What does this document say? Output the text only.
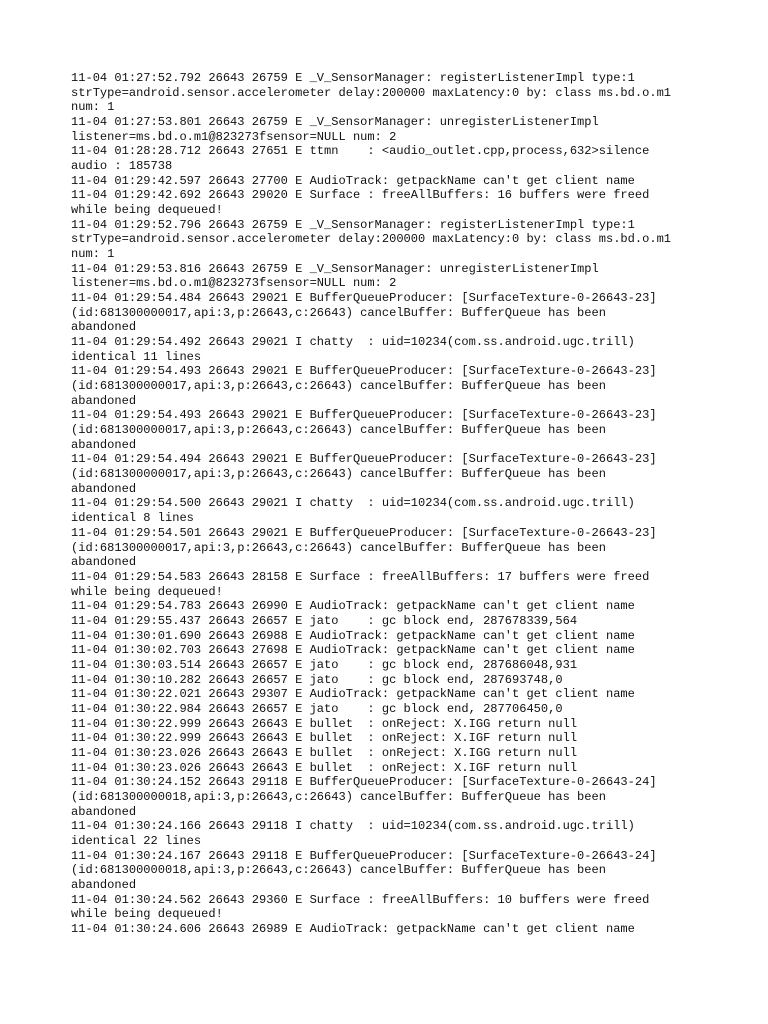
11-04 01:27:52.792 26643 26759 E _V_SensorManager: registerListenerImpl type:1
strType=android.sensor.accelerometer delay:200000 maxLatency:0 by: class ms.bd.o.m1
num: 1
11-04 01:27:53.801 26643 26759 E _V_SensorManager: unregisterListenerImpl
listener=ms.bd.o.m1@823273fsensor=NULL num: 2
11-04 01:28:28.712 26643 27651 E ttmn    : <audio_outlet.cpp,process,632>silence
audio : 185738
11-04 01:29:42.597 26643 27700 E AudioTrack: getpackName can't get client name
11-04 01:29:42.692 26643 29020 E Surface : freeAllBuffers: 16 buffers were freed
while being dequeued!
11-04 01:29:52.796 26643 26759 E _V_SensorManager: registerListenerImpl type:1
strType=android.sensor.accelerometer delay:200000 maxLatency:0 by: class ms.bd.o.m1
num: 1
11-04 01:29:53.816 26643 26759 E _V_SensorManager: unregisterListenerImpl
listener=ms.bd.o.m1@823273fsensor=NULL num: 2
11-04 01:29:54.484 26643 29021 E BufferQueueProducer: [SurfaceTexture-0-26643-23]
(id:681300000017,api:3,p:26643,c:26643) cancelBuffer: BufferQueue has been
abandoned
11-04 01:29:54.492 26643 29021 I chatty  : uid=10234(com.ss.android.ugc.trill)
identical 11 lines
11-04 01:29:54.493 26643 29021 E BufferQueueProducer: [SurfaceTexture-0-26643-23]
(id:681300000017,api:3,p:26643,c:26643) cancelBuffer: BufferQueue has been
abandoned
11-04 01:29:54.493 26643 29021 E BufferQueueProducer: [SurfaceTexture-0-26643-23]
(id:681300000017,api:3,p:26643,c:26643) cancelBuffer: BufferQueue has been
abandoned
11-04 01:29:54.494 26643 29021 E BufferQueueProducer: [SurfaceTexture-0-26643-23]
(id:681300000017,api:3,p:26643,c:26643) cancelBuffer: BufferQueue has been
abandoned
11-04 01:29:54.500 26643 29021 I chatty  : uid=10234(com.ss.android.ugc.trill)
identical 8 lines
11-04 01:29:54.501 26643 29021 E BufferQueueProducer: [SurfaceTexture-0-26643-23]
(id:681300000017,api:3,p:26643,c:26643) cancelBuffer: BufferQueue has been
abandoned
11-04 01:29:54.583 26643 28158 E Surface : freeAllBuffers: 17 buffers were freed
while being dequeued!
11-04 01:29:54.783 26643 26990 E AudioTrack: getpackName can't get client name
11-04 01:29:55.437 26643 26657 E jato    : gc block end, 287678339,564
11-04 01:30:01.690 26643 26988 E AudioTrack: getpackName can't get client name
11-04 01:30:02.703 26643 27698 E AudioTrack: getpackName can't get client name
11-04 01:30:03.514 26643 26657 E jato    : gc block end, 287686048,931
11-04 01:30:10.282 26643 26657 E jato    : gc block end, 287693748,0
11-04 01:30:22.021 26643 29307 E AudioTrack: getpackName can't get client name
11-04 01:30:22.984 26643 26657 E jato    : gc block end, 287706450,0
11-04 01:30:22.999 26643 26643 E bullet  : onReject: X.IGG return null
11-04 01:30:22.999 26643 26643 E bullet  : onReject: X.IGF return null
11-04 01:30:23.026 26643 26643 E bullet  : onReject: X.IGG return null
11-04 01:30:23.026 26643 26643 E bullet  : onReject: X.IGF return null
11-04 01:30:24.152 26643 29118 E BufferQueueProducer: [SurfaceTexture-0-26643-24]
(id:681300000018,api:3,p:26643,c:26643) cancelBuffer: BufferQueue has been
abandoned
11-04 01:30:24.166 26643 29118 I chatty  : uid=10234(com.ss.android.ugc.trill)
identical 22 lines
11-04 01:30:24.167 26643 29118 E BufferQueueProducer: [SurfaceTexture-0-26643-24]
(id:681300000018,api:3,p:26643,c:26643) cancelBuffer: BufferQueue has been
abandoned
11-04 01:30:24.562 26643 29360 E Surface : freeAllBuffers: 10 buffers were freed
while being dequeued!
11-04 01:30:24.606 26643 26989 E AudioTrack: getpackName can't get client name
